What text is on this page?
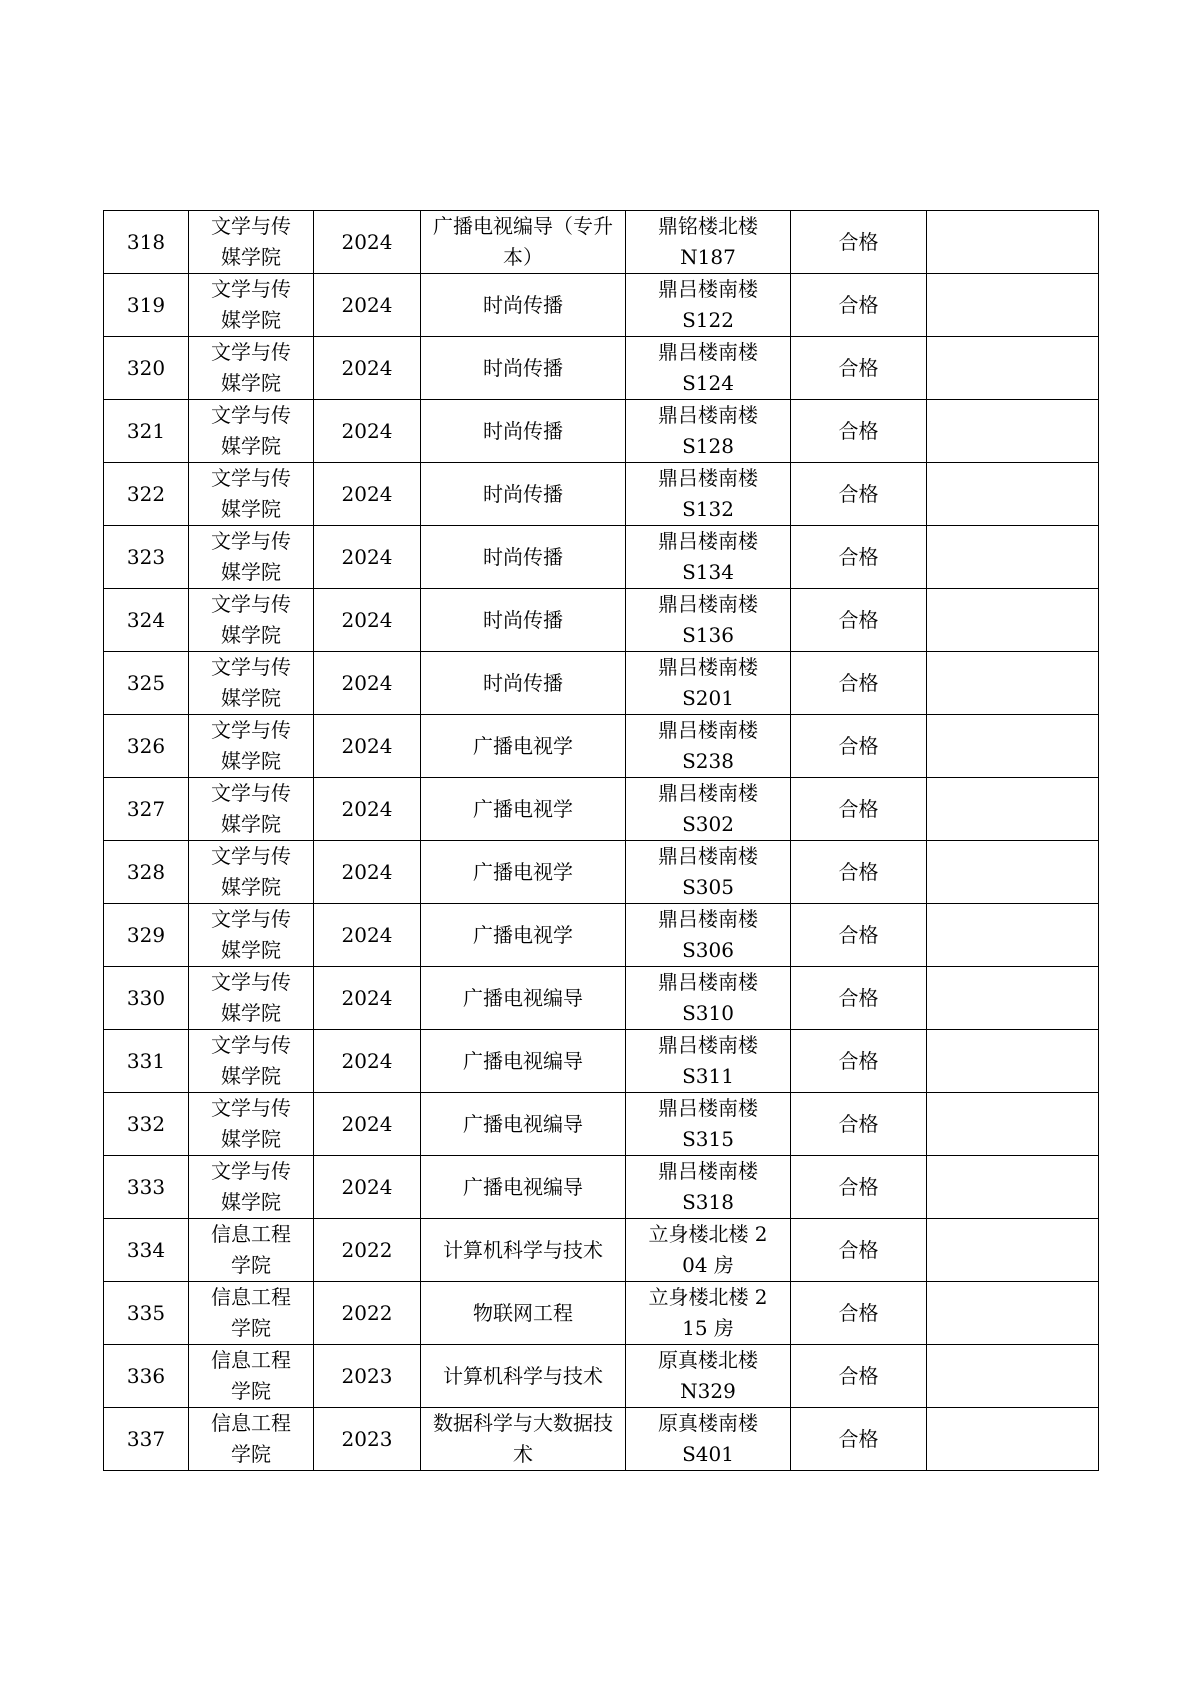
318	文学与传媒学院	2024	广播电视编导（专升本）	鼎铭楼北楼 N187	合格	
319	文学与传媒学院	2024	时尚传播	鼎吕楼南楼 S122	合格	
320	文学与传媒学院	2024	时尚传播	鼎吕楼南楼 S124	合格	
321	文学与传媒学院	2024	时尚传播	鼎吕楼南楼 S128	合格	
322	文学与传媒学院	2024	时尚传播	鼎吕楼南楼 S132	合格	
323	文学与传媒学院	2024	时尚传播	鼎吕楼南楼 S134	合格	
324	文学与传媒学院	2024	时尚传播	鼎吕楼南楼 S136	合格	
325	文学与传媒学院	2024	时尚传播	鼎吕楼南楼 S201	合格	
326	文学与传媒学院	2024	广播电视学	鼎吕楼南楼 S238	合格	
327	文学与传媒学院	2024	广播电视学	鼎吕楼南楼 S302	合格	
328	文学与传媒学院	2024	广播电视学	鼎吕楼南楼 S305	合格	
329	文学与传媒学院	2024	广播电视学	鼎吕楼南楼 S306	合格	
330	文学与传媒学院	2024	广播电视编导	鼎吕楼南楼 S310	合格	
331	文学与传媒学院	2024	广播电视编导	鼎吕楼南楼 S311	合格	
332	文学与传媒学院	2024	广播电视编导	鼎吕楼南楼 S315	合格	
333	文学与传媒学院	2024	广播电视编导	鼎吕楼南楼 S318	合格	
334	信息工程学院	2022	计算机科学与技术	立身楼北楼 204 房	合格	
335	信息工程学院	2022	物联网工程	立身楼北楼 215 房	合格	
336	信息工程学院	2023	计算机科学与技术	原真楼北楼 N329	合格	
337	信息工程学院	2023	数据科学与大数据技术	原真楼南楼 S401	合格	
